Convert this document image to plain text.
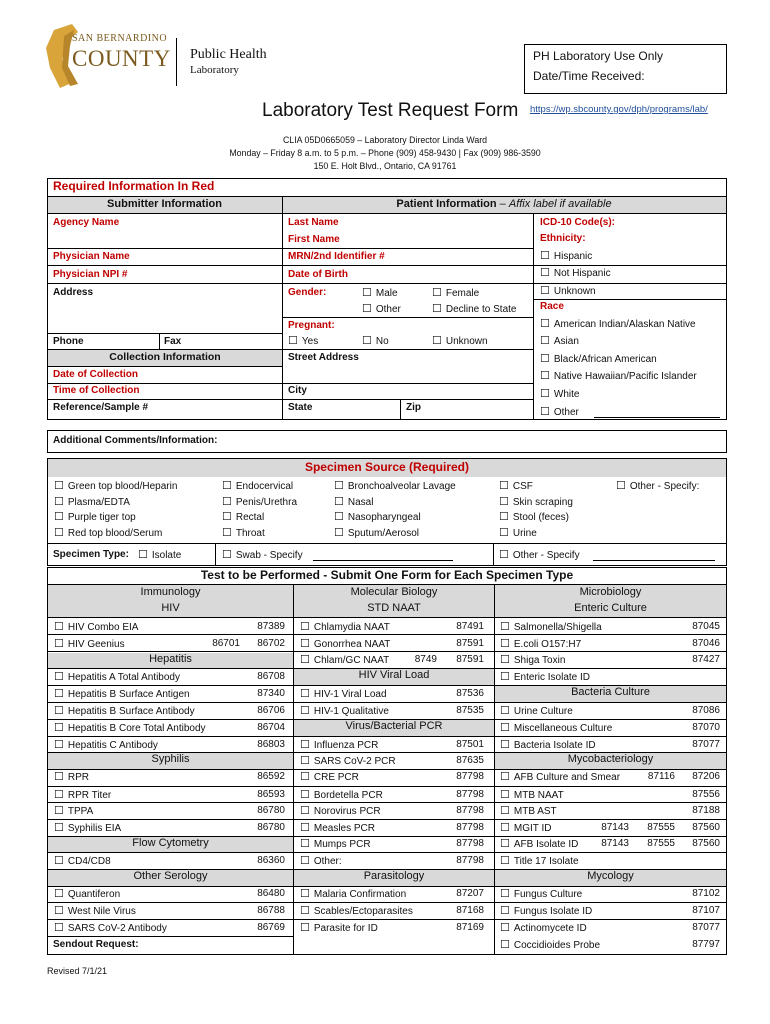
SAN BERNARDINO
COUNTY Public Health
Laboratory
PH Laboratory Use Only
Date/Time Received:
Laboratory Test Request Form https://wp.sbcounty.gov/dph/programs/lab/
CLIA 05D0665059 – Laboratory Director Linda Ward
Monday – Friday 8 a.m. to 5 p.m. – Phone (909) 458-9430 | Fax (909) 986-3590
150 E. Holt Blvd., Ontario, CA 91761
Required Information In Red
Submitter Information	Patient Information – Affix label if available
Agency Name
Physician Name
Physician NPI #
Address
Phone	Fax
Collection Information
Date of Collection
Time of Collection
Reference/Sample #
Last Name
First Name
MRN/2nd Identifier #
Date of Birth
Gender:	☐ Male	☐ Female
☐ Other	☐ Decline to State
Pregnant:
☐ Yes	☐ No	☐ Unknown
Street Address
City
State	Zip
ICD-10 Code(s):
Ethnicity:
☐ Hispanic
☐ Not Hispanic
☐ Unknown
Race
☐ American Indian/Alaskan Native
☐ Asian
☐ Black/African American
☐ Native Hawaiian/Pacific Islander
☐ White
☐ Other
Additional Comments/Information:
Specimen Source (Required)
☐ Green top blood/Heparin
☐ Plasma/EDTA
☐ Purple tiger top
☐ Red top blood/Serum
☐ Endocervical
☐ Penis/Urethra
☐ Rectal
☐ Throat
☐ Bronchoalveolar Lavage
☐ Nasal
☐ Nasopharyngeal
☐ Sputum/Aerosol
☐ CSF
☐ Skin scraping
☐ Stool (feces)
☐ Urine
☐ Other - Specify:
Specimen Type:	☐ Isolate	☐ Swab - Specify	☐ Other - Specify
Test to be Performed - Submit One Form for Each Specimen Type
Immunology
HIV
Molecular Biology
STD NAAT
Microbiology
Enteric Culture
☐ HIV Combo EIA	87389
☐ HIV Geenius	86701 86702
Hepatitis
☐ Hepatitis A Total Antibody	86708
☐ Hepatitis B Surface Antigen	87340
☐ Hepatitis B Surface Antibody	86706
☐ Hepatitis B Core Total Antibody	86704
☐ Hepatitis C Antibody	86803
Syphilis
☐ RPR	86592
☐ RPR Titer	86593
☐ TPPA	86780
☐ Syphilis EIA	86780
Flow Cytometry
☐ CD4/CD8	86360
Other Serology
☐ Quantiferon	86480
☐ West Nile Virus	86788
☐ SARS CoV-2 Antibody	86769
Sendout Request:
☐ Chlamydia NAAT	87491
☐ Gonorrhea NAAT	87591
☐ Chlam/GC NAAT	8749 87591
HIV Viral Load
☐ HIV-1 Viral Load	87536
☐ HIV-1 Qualitative	87535
Virus/Bacterial PCR
☐ Influenza PCR	87501
☐ SARS CoV-2 PCR	87635
☐ CRE PCR	87798
☐ Bordetella PCR	87798
☐ Norovirus PCR	87798
☐ Measles PCR	87798
☐ Mumps PCR	87798
☐ Other:	87798
Parasitology
☐ Malaria Confirmation	87207
☐ Scables/Ectoparasites	87168
☐ Parasite for ID	87169
☐ Salmonella/Shigella	87045
☐ E.coli O157:H7	87046
☐ Shiga Toxin	87427
☐ Enteric Isolate ID
Bacteria Culture
☐ Urine Culture	87086
☐ Miscellaneous Culture	87070
☐ Bacteria Isolate ID	87077
Mycobacteriology
☐ AFB Culture and Smear	87116 87206
☐ MTB NAAT	87556
☐ MTB AST	87188
☐ MGIT ID	87143 87555 87560
☐ AFB Isolate ID 87143 87555 87560
☐ Title 17 Isolate
Mycology
☐ Fungus Culture	87102
☐ Fungus Isolate ID	87107
☐ Actinomycete ID	87077
☐ Coccidioides Probe	87797
Revised 7/1/21
